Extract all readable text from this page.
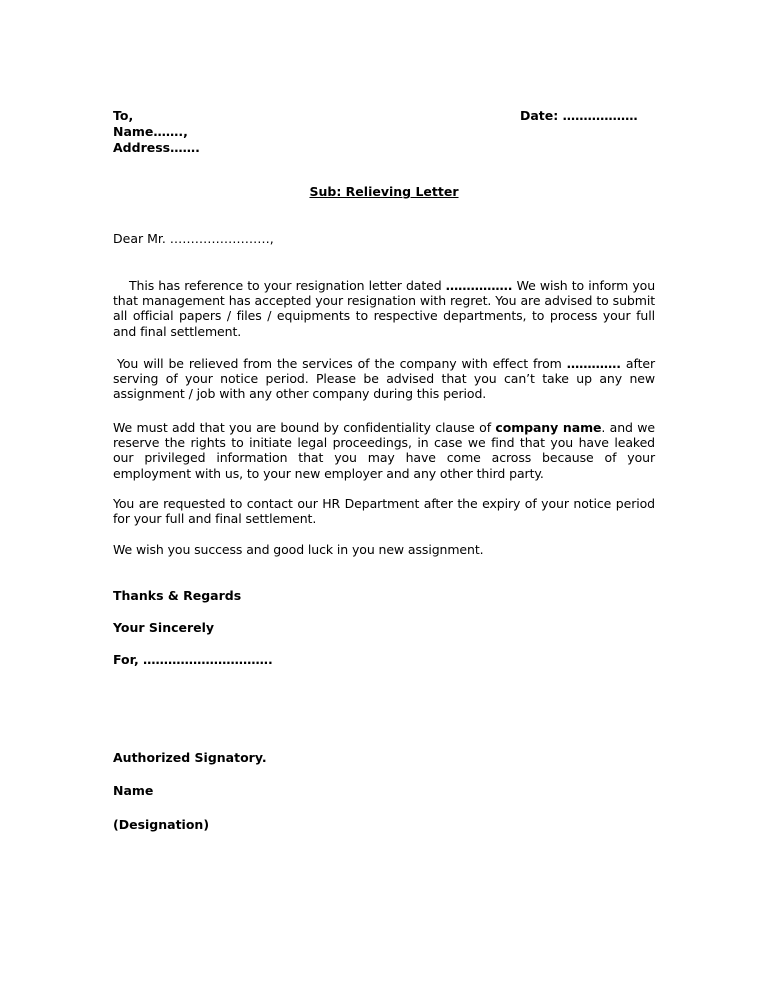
To,
Name…….,
Address…….
Date: ………………
Sub: Relieving Letter
Dear Mr. ……………………,
This has reference to your resignation letter dated ……………. We wish to inform you that management has accepted your resignation with regret. You are advised to submit all official papers / files / equipments to respective departments, to process your full and final settlement.
You will be relieved from the services of the company with effect from …………. after serving of your notice period. Please be advised that you can’t take up any new assignment / job with any other company during this period.
We must add that you are bound by confidentiality clause of company name. and we reserve the rights to initiate legal proceedings, in case we find that you have leaked our privileged information that you may have come across because of your employment with us, to your new employer and any other third party.
You are requested to contact our HR Department after the expiry of your notice period for your full and final settlement.
We wish you success and good luck in you new assignment.
Thanks & Regards
Your Sincerely
For, ………………………….
Authorized Signatory.
Name
(Designation)
